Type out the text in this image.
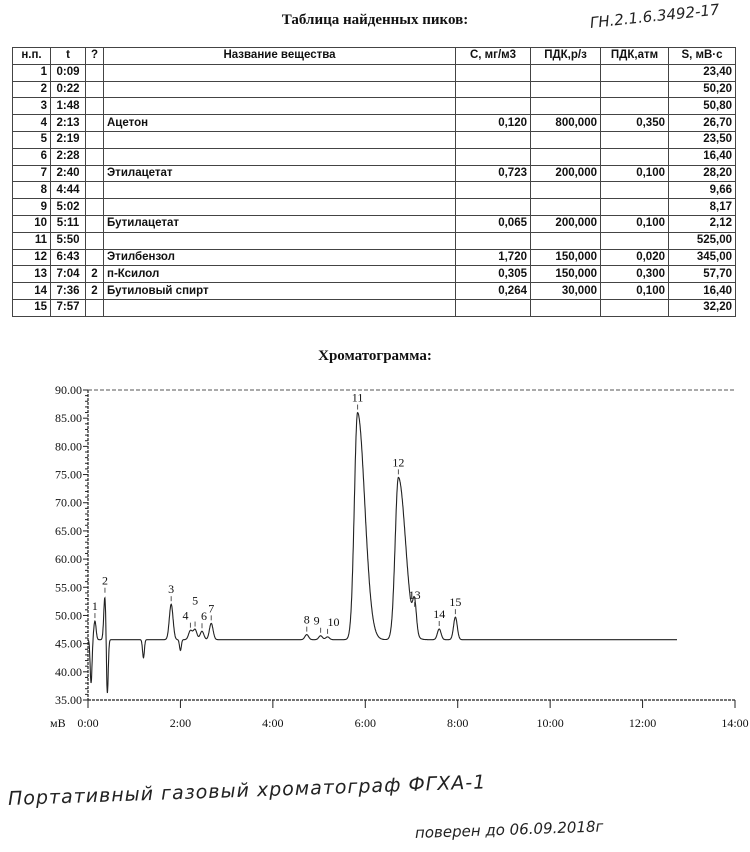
Таблица найденных пиков:	ГН.2.1.6.3492-17
н.п.	t	?	Название вещества	С, мг/м3	ПДК,р/з	ПДК,атм	S, мВ·с
1	0:09						23,40
2	0:22						50,20
3	1:48						50,80
4	2:13		Ацетон	0,120	800,000	0,350	26,70
5	2:19						23,50
6	2:28						16,40
7	2:40		Этилацетат	0,723	200,000	0,100	28,20
8	4:44						9,66
9	5:02						8,17
10	5:11		Бутилацетат	0,065	200,000	0,100	2,12
11	5:50						525,00
12	6:43		Этилбензол	1,720	150,000	0,020	345,00
13	7:04	2	п-Ксилол	0,305	150,000	0,300	57,70
14	7:36	2	Бутиловый спирт	0,264	30,000	0,100	16,40
15	7:57						32,20
Хроматограмма:
90.00
85.00
80.00
75.00
70.00
65.00
60.00
55.00
50.00
45.00
40.00
35.00
0:00	2:00	4:00	6:00	8:00	10:00	12:00	14:00
мВ
1
2
3
4
5
6
7
8 9 10
11
12
13
14
15
Портативный газовый хроматограф ФГХА-1
поверен до 06.09.2018г
